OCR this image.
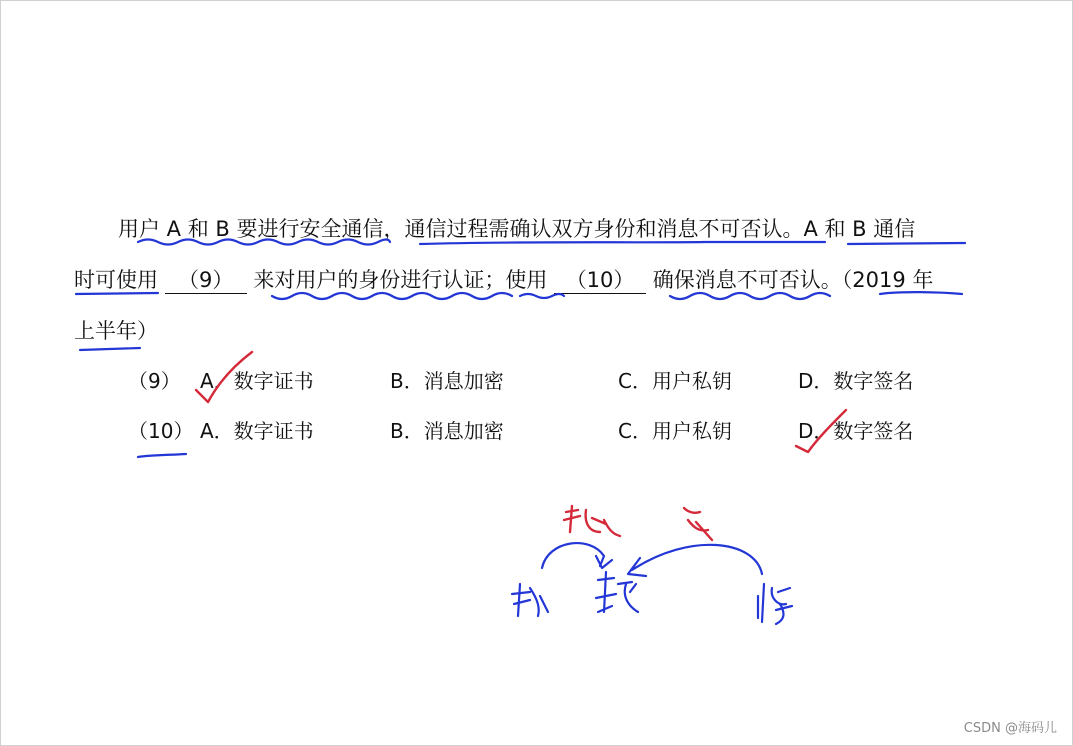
用户 A 和 B 要进行安全通信，通信过程需确认双方身份和消息不可否认。A 和 B 通信
时可使用 （9） 来对用户的身份进行认证；使用 （10） 确保消息不可否认。（2019 年
上半年）
（9） A．数字证书	B．消息加密	C．用户私钥	D．数字签名
（10） A．数字证书	B．消息加密	C．用户私钥	D．数字签名
CSDN @海码儿
